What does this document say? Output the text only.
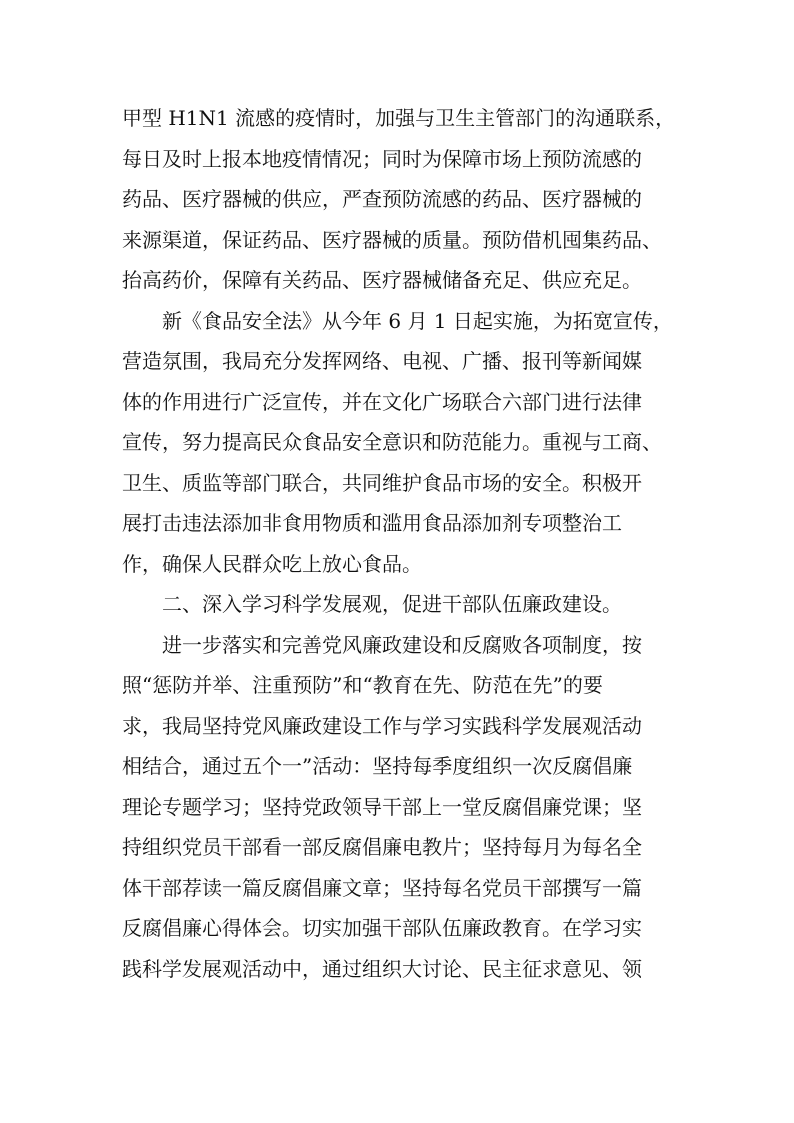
甲型 H1N1 流感的疫情时，加强与卫生主管部门的沟通联系，
每日及时上报本地疫情情况；同时为保障市场上预防流感的
药品、医疗器械的供应，严查预防流感的药品、医疗器械的
来源渠道，保证药品、医疗器械的质量。预防借机囤集药品、
抬高药价，保障有关药品、医疗器械储备充足、供应充足。
新《食品安全法》从今年 6 月 1 日起实施，为拓宽宣传，
营造氛围，我局充分发挥网络、电视、广播、报刊等新闻媒
体的作用进行广泛宣传，并在文化广场联合六部门进行法律
宣传，努力提高民众食品安全意识和防范能力。重视与工商、
卫生、质监等部门联合，共同维护食品市场的安全。积极开
展打击违法添加非食用物质和滥用食品添加剂专项整治工
作，确保人民群众吃上放心食品。
二、深入学习科学发展观，促进干部队伍廉政建设。
进一步落实和完善党风廉政建设和反腐败各项制度，按
照“惩防并举、注重预防”和“教育在先、防范在先”的要
求，我局坚持党风廉政建设工作与学习实践科学发展观活动
相结合，通过五个一”活动：坚持每季度组织一次反腐倡廉
理论专题学习；坚持党政领导干部上一堂反腐倡廉党课；坚
持组织党员干部看一部反腐倡廉电教片；坚持每月为每名全
体干部荐读一篇反腐倡廉文章；坚持每名党员干部撰写一篇
反腐倡廉心得体会。切实加强干部队伍廉政教育。在学习实
践科学发展观活动中，通过组织大讨论、民主征求意见、领
